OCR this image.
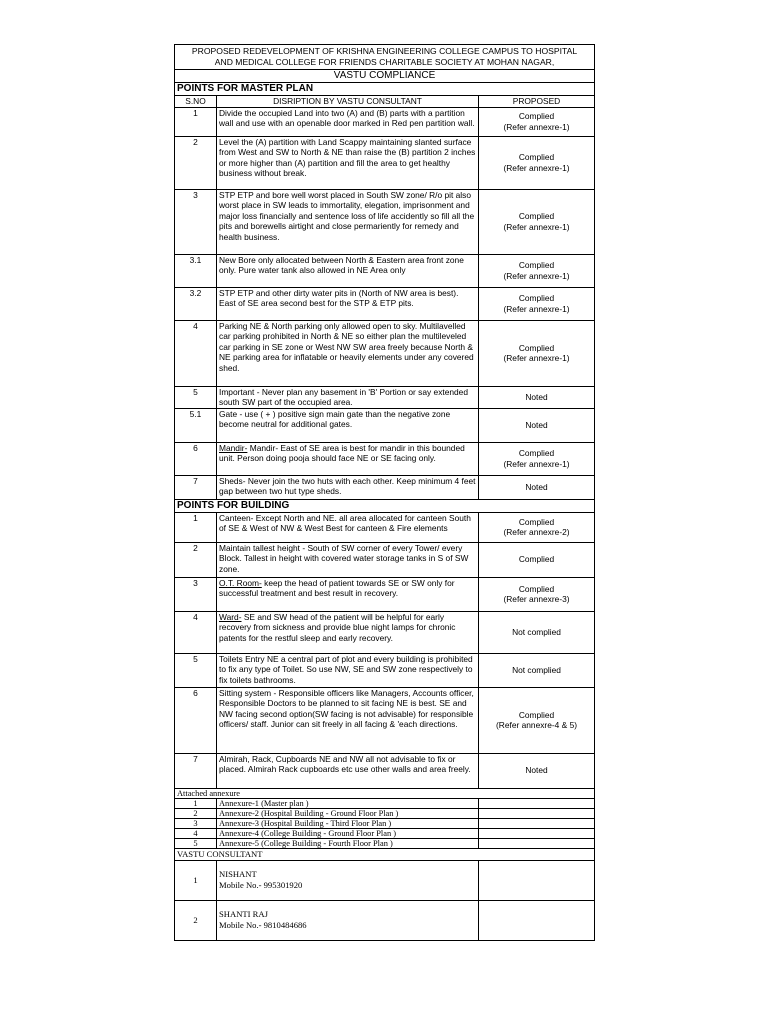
PROPOSED REDEVELOPMENT OF KRISHNA ENGINEERING COLLEGE CAMPUS TO HOSPITAL
AND MEDICAL COLLEGE FOR FRIENDS CHARITABLE SOCIETY AT MOHAN NAGAR,		

VASTU COMPLIANCE		
POINTS FOR MASTER PLAN		
S.NO	DISRIPTION BY VASTU CONSULTANT	PROPOSED
1	Divide the occupied Land into two (A) and (B) parts with a partition wall and use with an openable door marked in Red pen partition wall.	Complied
(Refer annexre-1)

2	Level the (A) partition with Land Scappy maintaining slanted surface from West and SW to North & NE than raise the (B) partition 2 inches or more higher than (A) partition and fill the area to get healthy business without break.	Complied
(Refer annexre-1)

3	STP ETP and bore well worst placed in South SW zone/ R/o pit also worst place in SW leads to immortality, elegation, imprisonment and major loss financially and sentence loss of life accidently so fill all the pits and borewells airtight and close permariently for remedy and health business.	Complied
(Refer annexre-1)

3.1	New Bore only allocated between North & Eastern area front zone only. Pure water tank also allowed in NE Area only	Complied
(Refer annexre-1)

3.2	STP ETP and other dirty water pits in (North of NW area is best). East of SE area second best for the STP & ETP pits.	Complied
(Refer annexre-1)

4	Parking NE & North parking only allowed open to sky. Multilavelled car parking prohibited in North & NE so either plan the multileveled car parking in SE zone or West NW SW area freely because North & NE parking area for inflatable or heavily elements under any covered shed.	Complied
(Refer annexre-1)

5	Important - Never plan any basement in 'B' Portion or say extended south SW part of the occupied area.	Noted

5.1	Gate - use ( + ) positive sign main gate than the negative zone become neutral for additional gates.	Noted

6	Mandir- Mandir- East of SE area is best for mandir in this bounded unit. Person doing pooja should face NE or SE facing only.	Complied
(Refer annexre-1)

7	Sheds- Never join the two huts with each other. Keep minimum 4 feet gap between two hut type sheds.	Noted

POINTS FOR BUILDING		
1	Canteen- Except North and NE. all area allocated for canteen South of SE & West of NW & West Best for canteen & Fire elements	Complied
(Refer annexre-2)

2	Maintain tallest height - South of SW corner of every Tower/ every Block. Tallest in height with covered water storage tanks in S of SW zone.	Complied

3	O.T. Room- keep the head of patient towards SE or SW only for successful treatment and best result in recovery.	Complied
(Refer annexre-3)

4	Ward- SE and SW head of the patient will be helpful for early recovery from sickness and provide blue night lamps for chronic patents for the restful sleep and early recovery.	Not complied

5	Toilets Entry NE a central part of plot and every building is prohibited to fix any type of Toilet. So use NW, SE and SW zone respectively to fix toilets bathrooms.	Not complied

6	Sitting system - Responsible officers like Managers, Accounts officer, Responsible Doctors to be planned to sit facing NE is best. SE and NW facing second option(SW facing is not advisable) for responsible officers/ staff. Junior can sit freely in all facing & 'each directions.	Complied
(Refer annexre-4 & 5)

7	Almirah, Rack, Cupboards NE and NW all not advisable to fix or placed. Almirah Rack cupboards etc use other walls and area freely.	Noted

Attached annexure		
1	Annexure-1 (Master plan )	
2	Annexure-2 (Hospital Building - Ground Floor Plan )	
3	Annexure-3 (Hospital Building - Third Floor Plan )	
4	Annexure-4 (College Building - Ground Floor Plan )	
5	Annexure-5 (College Building - Fourth Floor Plan )	
VASTU CONSULTANT		
1	NISHANT
Mobile No.- 995301920	

2	SHANTI RAJ
Mobile No.- 9810484686	
